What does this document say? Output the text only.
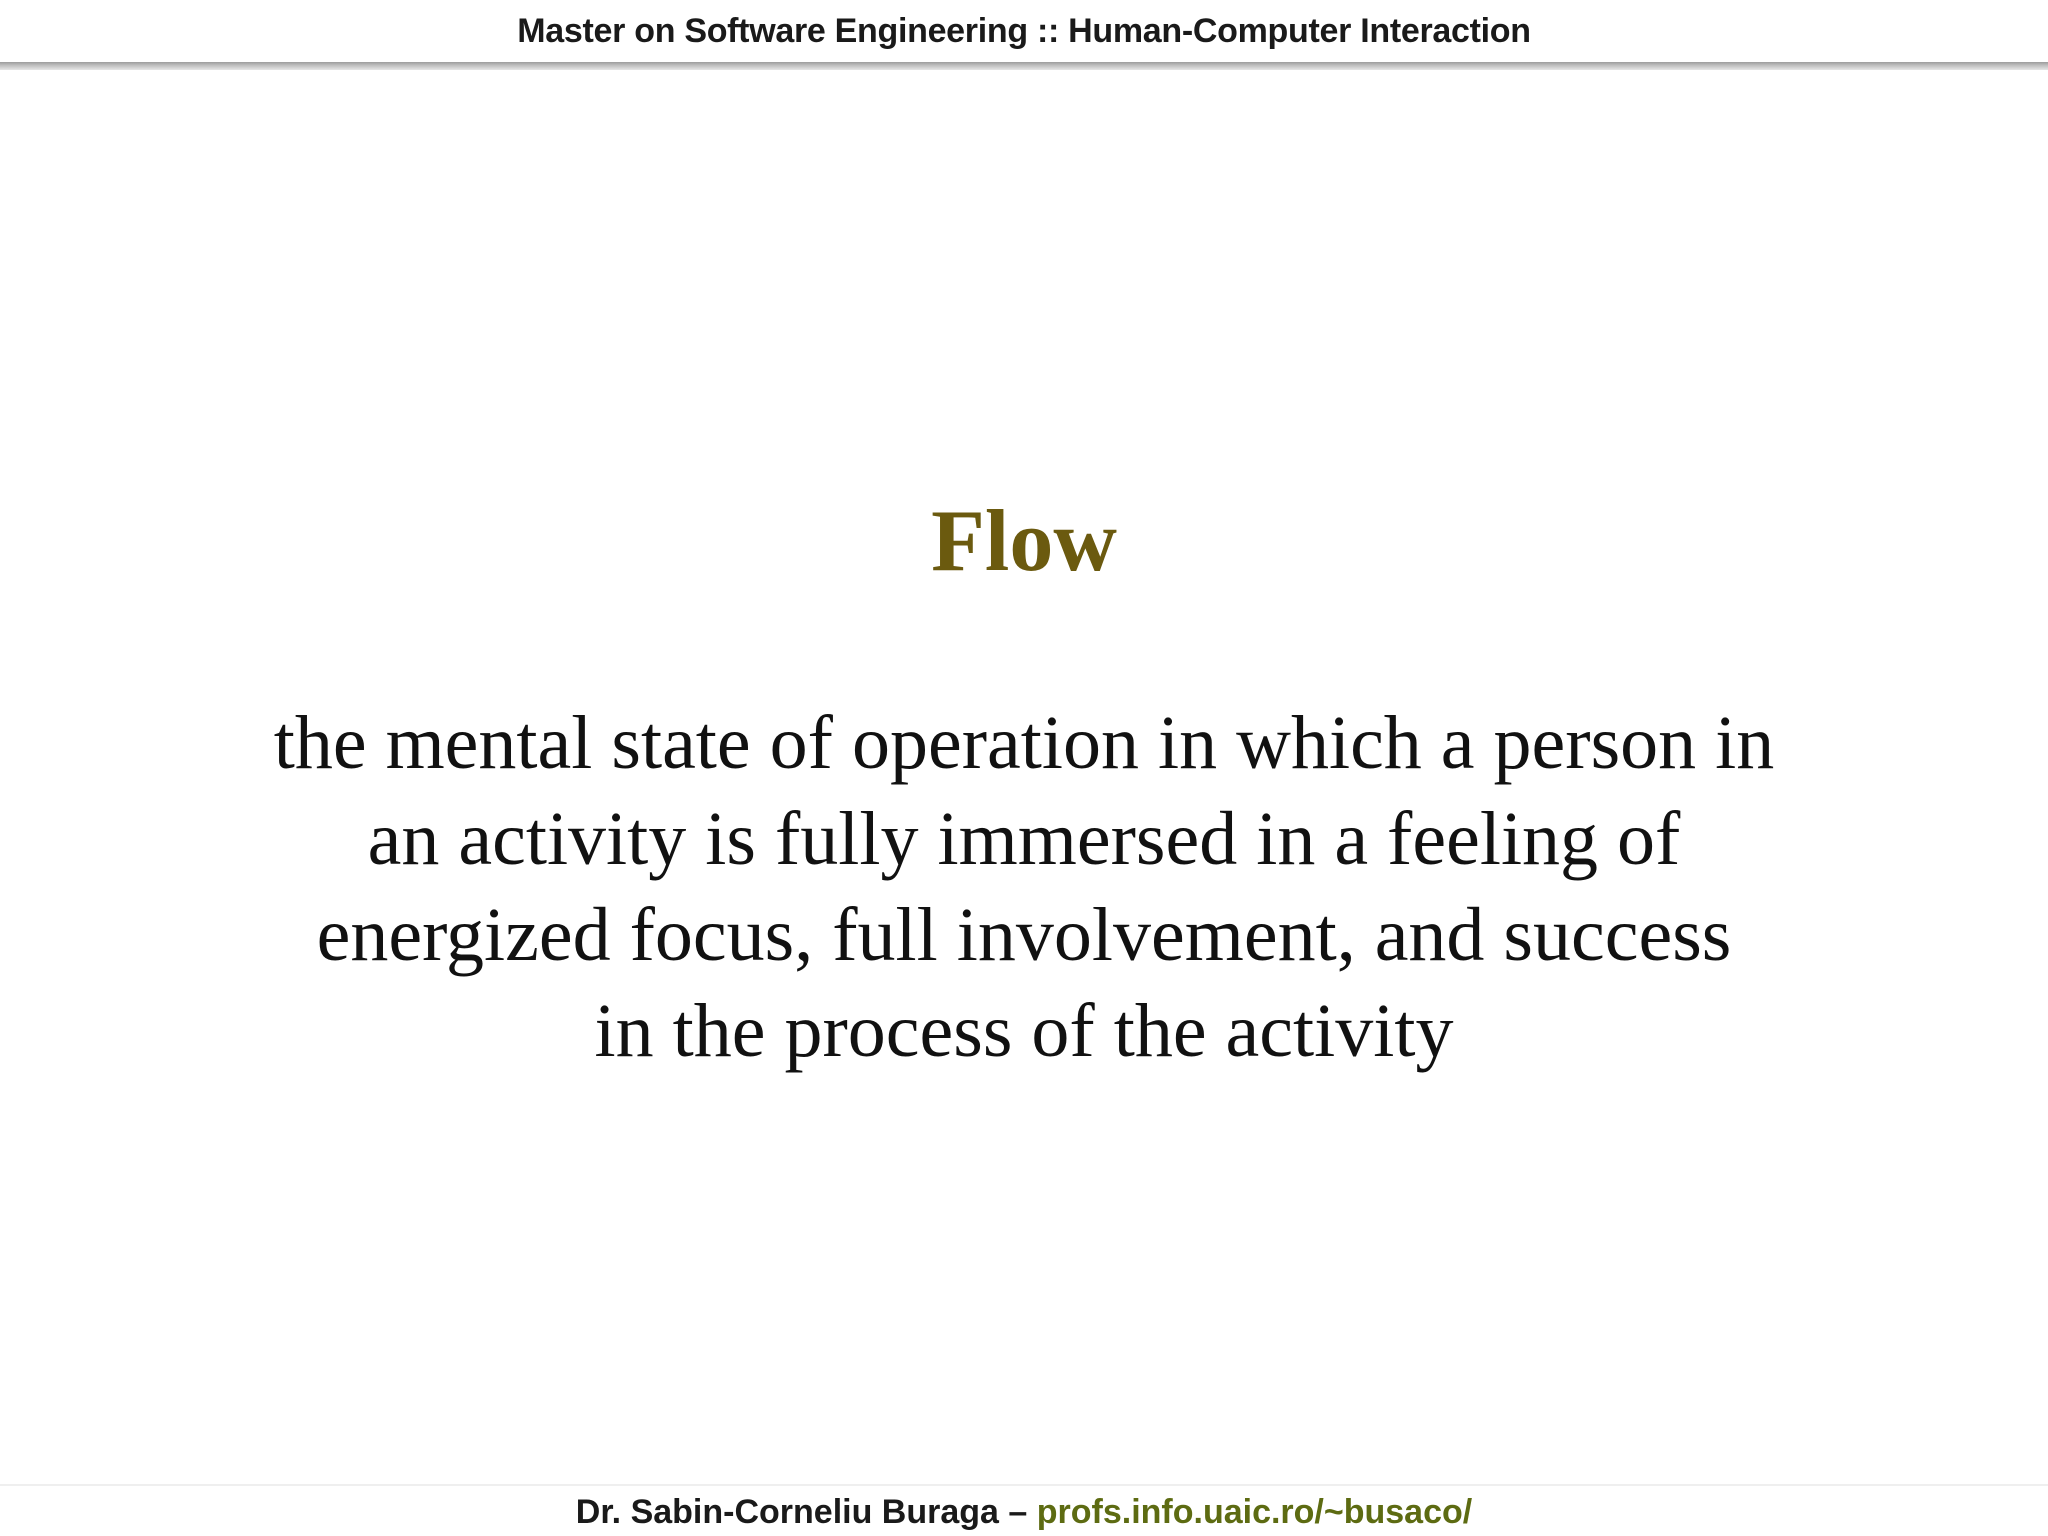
Master on Software Engineering :: Human-Computer Interaction
Flow
the mental state of operation in which a person in
an activity is fully immersed in a feeling of
energized focus, full involvement, and success
in the process of the activity
Dr. Sabin-Corneliu Buraga – profs.info.uaic.ro/~busaco/
